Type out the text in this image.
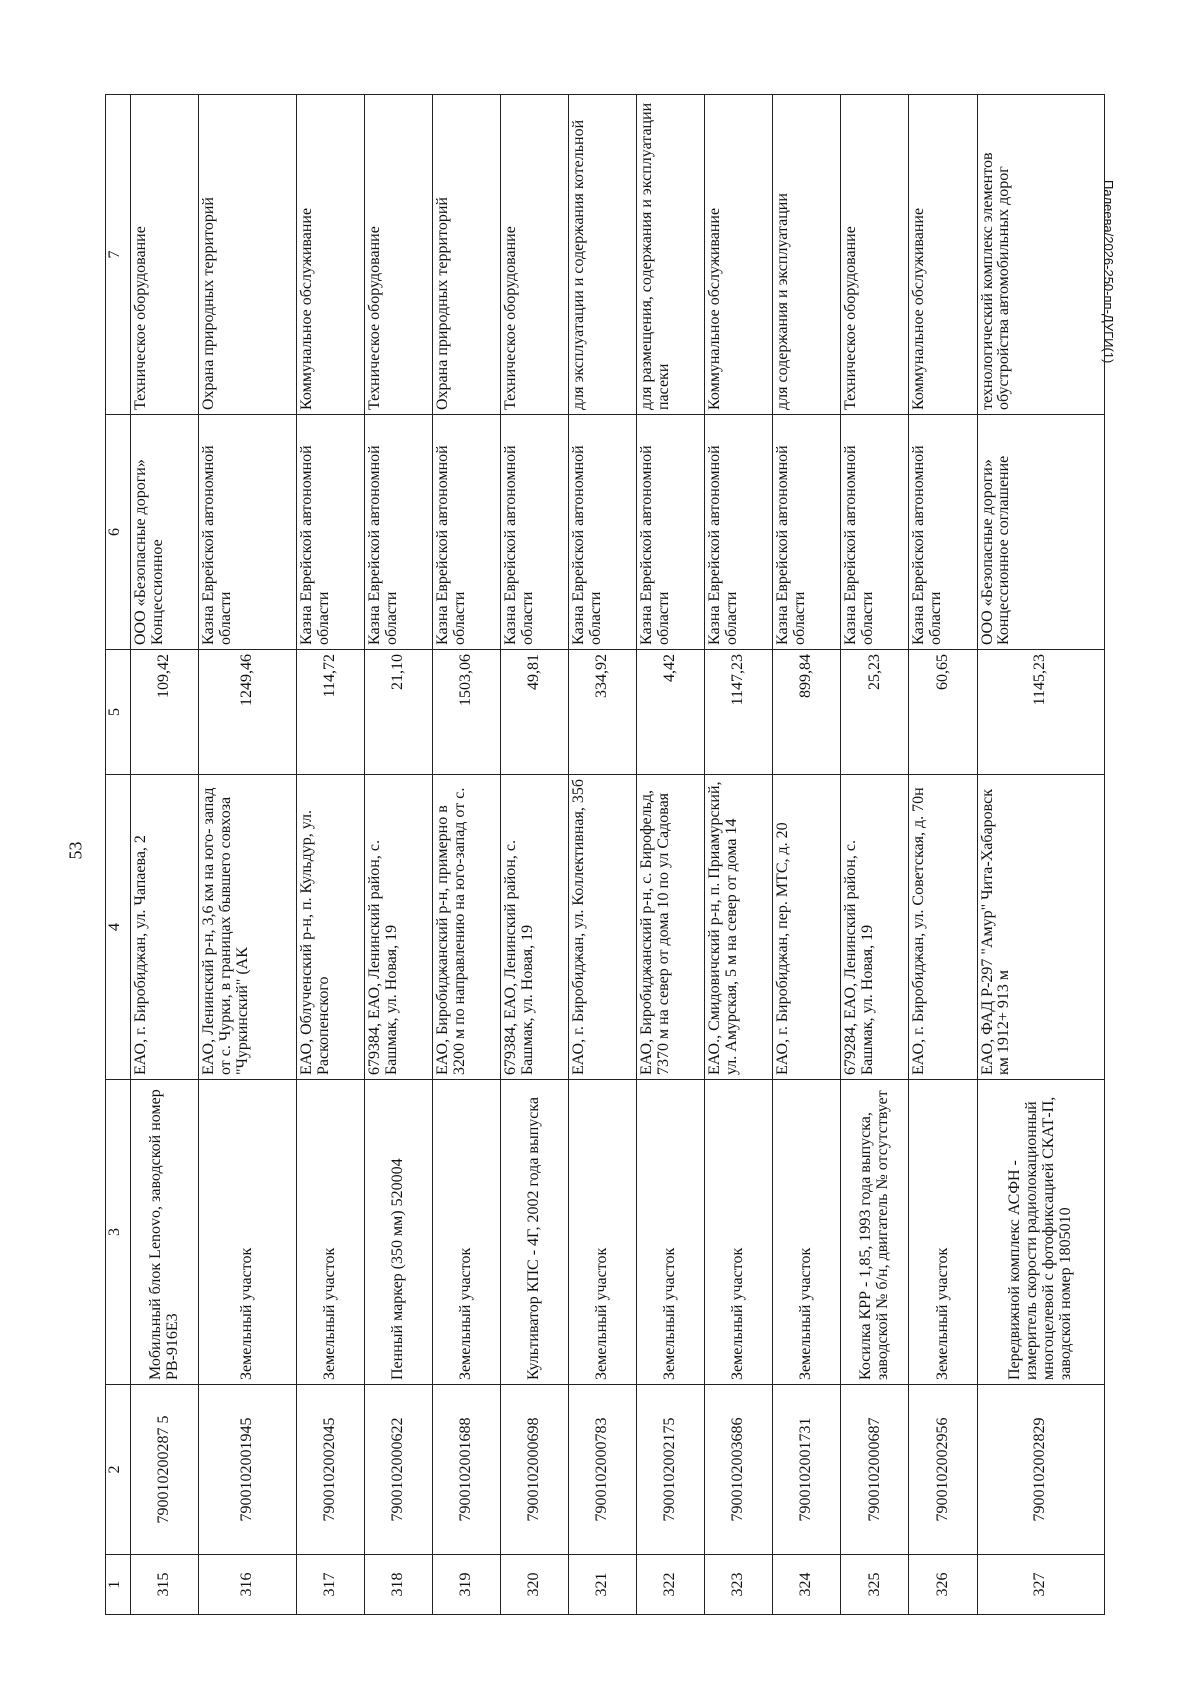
53
Палеева/2026-250-пп-ДУГИ(1)
1	2	3	4	5	6	7
315	790010200287 5	Мобильный блок Lenovo, заводской номер PB-916E3	ЕАО, г. Биробиджан, ул. Чапаева, 2	109,42	ООО «Безопасные дороги» Концессионное	Техническое оборудование
316	7900102001945	Земельный участок	ЕАО, Ленинский р-н, 3,6 км на юго- запад от с. Чурки, в границах бывшего совхоза "Чуркинский" (АК	1249,46	Казна Еврейской автономной области	Охрана природных территорий
317	7900102002045	Земельный участок	ЕАО, Облученский р-н, п. Кульдур, ул. Раскопенского	114,72	Казна Еврейской автономной области	Коммунальное обслуживание
318	7900102000622	Пенный маркер (350 мм) 520004	679384, ЕАО, Ленинский район, с. Башмак, ул. Новая, 19	21,10	Казна Еврейской автономной области	Техническое оборудование
319	7900102001688	Земельный участок	ЕАО, Биробиджанский р-н, примерно в 3200 м по направлению на юго-запад от с.	1503,06	Казна Еврейской автономной области	Охрана природных территорий
320	7900102000698	Культиватор КПС - 4Г, 2002 года выпуска	679384, ЕАО, Ленинский район, с. Башмак, ул. Новая, 19	49,81	Казна Еврейской автономной области	Техническое оборудование
321	7900102000783	Земельный участок	ЕАО, г. Биробиджан, ул. Коллективная, 35б	334,92	Казна Еврейской автономной области	для эксплуатации и содержания котельной
322	7900102002175	Земельный участок	ЕАО, Биробиджанский р-н, с. Бирофельд, 7370 м на север от дома 10 по ул Садовая	4,42	Казна Еврейской автономной области	для размещения, содержания и эксплуатации пасеки
323	7900102003686	Земельный участок	ЕАО., Смидовичский р-н, п. Приамурский, ул. Амурская, 5 м на север от дома 14	1147,23	Казна Еврейской автономной области	Коммунальное обслуживание
324	7900102001731	Земельный участок	ЕАО, г. Биробиджан, пер. МТС, д. 20	899,84	Казна Еврейской автономной области	для содержания и эксплуатации
325	7900102000687	Косилка КРР - 1,85, 1993 года выпуска, заводской № б/н, двигатель № отсутствует	679284, ЕАО, Ленинский район, с. Башмак, ул. Новая, 19	25,23	Казна Еврейской автономной области	Техническое оборудование
326	7900102002956	Земельный участок	ЕАО, г. Биробиджан, ул. Советская, д. 70н	60,65	Казна Еврейской автономной области	Коммунальное обслуживание
327	7900102002829	Передвижной комплекс АСФН - измеритель скорости радиолокационный многоцелевой с фотофиксацией СКАТ-П, заводской номер 1805010	ЕАО, ФАД Р-297 "Амур" Чита-Хабаровск км 1912+ 913 м	1145,23	ООО «Безопасные дороги» Концессионное соглашение	технологический комплекс элементов обустройства автомобильных дорог
